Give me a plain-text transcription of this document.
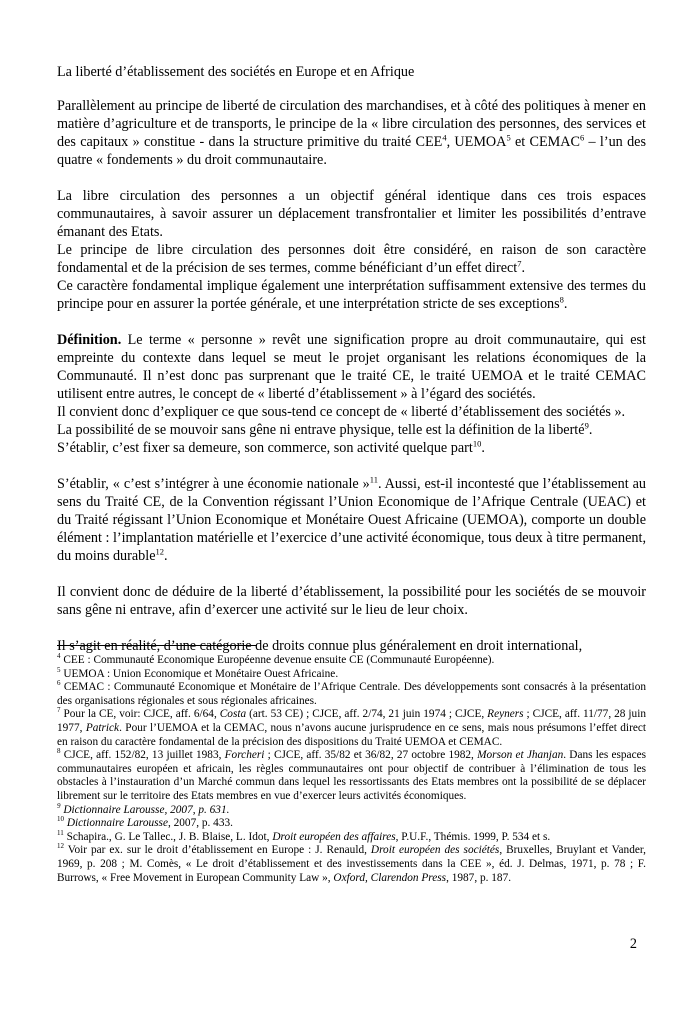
La liberté d’établissement des sociétés en Europe et en Afrique

Parallèlement au principe de liberté de circulation des marchandises, et à côté des politiques à mener en matière d’agriculture et de transports, le principe de la « libre circulation des personnes, des services et des capitaux » constitue - dans la structure primitive du traité CEE$^4$, UEMOA$^5$ et CEMAC$^6$ – l’un des quatre « fondements » du droit communautaire.

La libre circulation des personnes a un objectif général identique dans ces trois espaces communautaires, à savoir assurer un déplacement transfrontalier et limiter les possibilités d’entrave émanant des Etats.

Le principe de libre circulation des personnes doit être considéré, en raison de son caractère fondamental et de la précision de ses termes, comme bénéficiant d’un effet direct$^7$.

Ce caractère fondamental implique également une interprétation suffisamment extensive des termes du principe pour en assurer la portée générale, et une interprétation stricte de ses exceptions$^8$.

Définition. Le terme « personne » revêt une signification propre au droit communautaire, qui est empreinte du contexte dans lequel se meut le projet organisant les relations économiques de la Communauté. Il n’est donc pas surprenant que le traité CE, le traité UEMOA et le traité CEMAC utilisent entre autres, le concept de « liberté d’établissement » à l’égard des sociétés.

Il convient donc d’expliquer ce que sous-tend ce concept de « liberté d’établissement des sociétés ».

La possibilité de se mouvoir sans gêne ni entrave physique, telle est la définition de la liberté$^9$.

S’établir, c’est fixer sa demeure, son commerce, son activité quelque part$^{10}$.

S’établir, « c’est s’intégrer à une économie nationale »$^{11}$. Aussi, est-il incontesté que l’établissement au sens du Traité CE, de la Convention régissant l’Union Economique de l’Afrique Centrale (UEAC) et du Traité régissant l’Union Economique et Monétaire Ouest Africaine (UEMOA), comporte un double élément : l’implantation matérielle et l’exercice d’une activité économique, tous deux à titre permanent, du moins durable$^{12}$.

Il convient donc de déduire de la liberté d’établissement, la possibilité pour les sociétés de se mouvoir sans gêne ni entrave, afin d’exercer une activité sur le lieu de leur choix.

Il s’agit en réalité, d’une catégorie de droits connue plus généralement en droit international,

$^4$ CEE : Communauté Economique Européenne devenue ensuite CE (Communauté Européenne).

$^5$ UEMOA : Union Economique et Monétaire Ouest Africaine.

$^6$ CEMAC : Communauté Economique et Monétaire de l’Afrique Centrale. Des développements sont consacrés à la présentation des organisations régionales et sous régionales africaines.

$^7$ Pour la CE, voir: CJCE, aff. 6/64, Costa (art. 53 CE) ; CJCE, aff. 2/74, 21 juin 1974 ; CJCE, Reyners ; CJCE, aff. 11/77, 28 juin 1977, Patrick. Pour l’UEMOA et la CEMAC, nous n’avons aucune jurisprudence en ce sens, mais nous présumons l’effet direct en raison du caractère fondamental de la précision des dispositions du Traité UEMOA et CEMAC.

$^8$ CJCE, aff. 152/82, 13 juillet 1983, Forcheri ; CJCE, aff. 35/82 et 36/82, 27 octobre 1982, Morson et Jhanjan. Dans les espaces communautaires européen et africain, les règles communautaires ont pour objectif de contribuer à l’élimination de tous les obstacles à l’instauration d’un Marché commun dans lequel les ressortissants des Etats membres ont la possibilité de se déplacer librement sur le territoire des Etats membres en vue d’exercer leurs activités économiques.

$^9$ Dictionnaire Larousse, 2007, p. 631.

$^{10}$ Dictionnaire Larousse, 2007, p. 433.

$^{11}$ Schapira., G. Le Tallec., J. B. Blaise, L. Idot, Droit européen des affaires, P.U.F., Thémis. 1999, P. 534 et s.

$^{12}$ Voir par ex. sur le droit d’établissement en Europe : J. Renauld, Droit européen des sociétés, Bruxelles, Bruylant et Vander, 1969, p. 208 ; M. Comès, « Le droit d’établissement et des investissements dans la CEE », éd. J. Delmas, 1971, p. 78 ; F. Burrows, « Free Movement in European Community Law », Oxford, Clarendon Press, 1987, p. 187.

2
